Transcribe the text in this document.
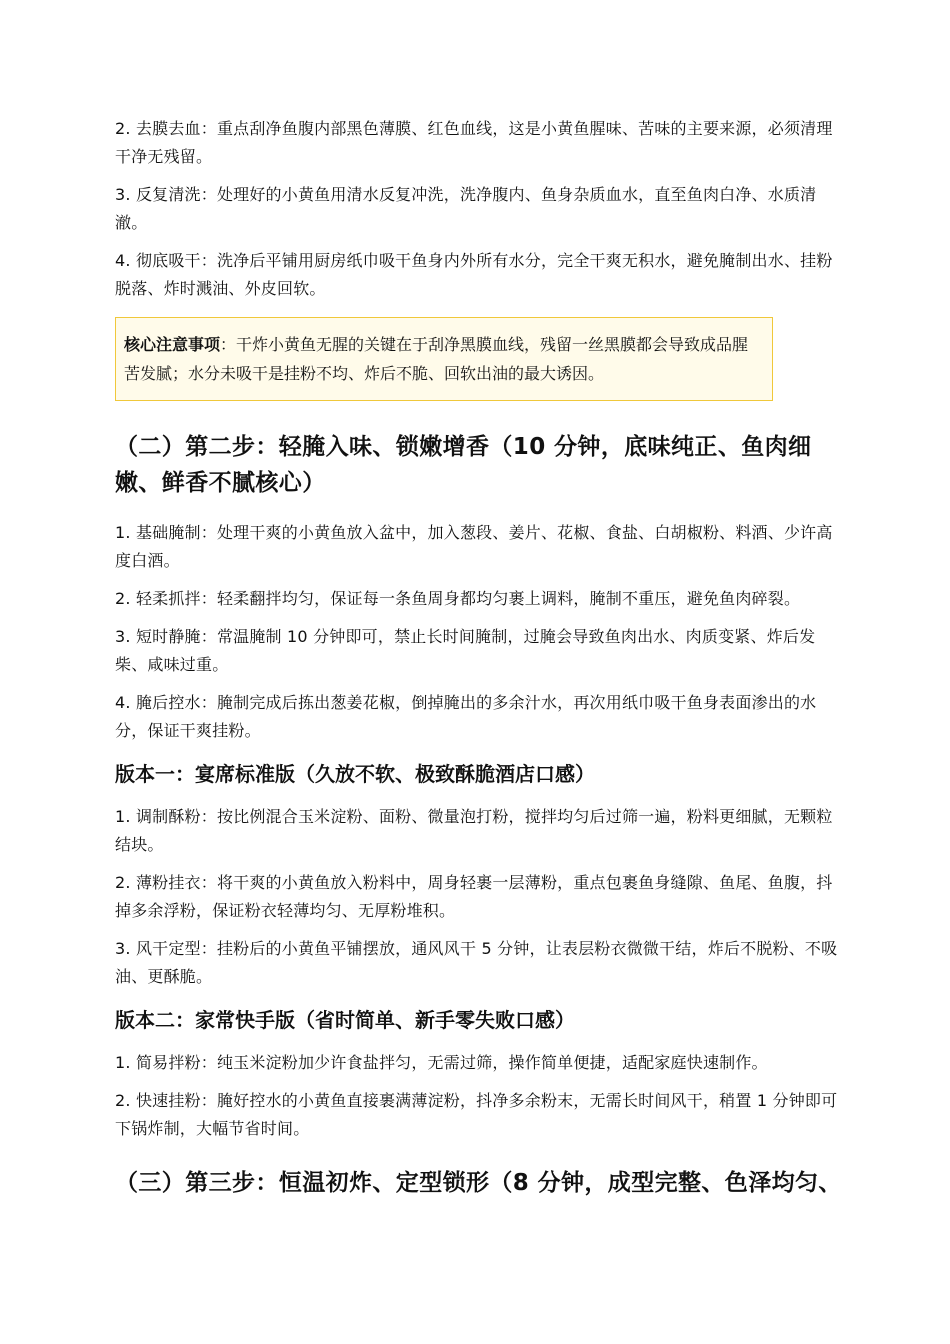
2. 去膜去血：重点刮净鱼腹内部黑色薄膜、红色血线，这是小黄鱼腥味、苦味的主要来源，必须清理干净无残留。

3. 反复清洗：处理好的小黄鱼用清水反复冲洗，洗净腹内、鱼身杂质血水，直至鱼肉白净、水质清澈。

4. 彻底吸干：洗净后平铺用厨房纸巾吸干鱼身内外所有水分，完全干爽无积水，避免腌制出水、挂粉脱落、炸时溅油、外皮回软。

核心注意事项：干炸小黄鱼无腥的关键在于刮净黑膜血线，残留一丝黑膜都会导致成品腥苦发腻；水分未吸干是挂粉不均、炸后不脆、回软出油的最大诱因。
（二）第二步：轻腌入味、锁嫩增香（10 分钟，底味纯正、鱼肉细嫩、鲜香不腻核心）

1. 基础腌制：处理干爽的小黄鱼放入盆中，加入葱段、姜片、花椒、食盐、白胡椒粉、料酒、少许高度白酒。

2. 轻柔抓拌：轻柔翻拌均匀，保证每一条鱼周身都均匀裹上调料，腌制不重压，避免鱼肉碎裂。

3. 短时静腌：常温腌制 10 分钟即可，禁止长时间腌制，过腌会导致鱼肉出水、肉质变紧、炸后发柴、咸味过重。

4. 腌后控水：腌制完成后拣出葱姜花椒，倒掉腌出的多余汁水，再次用纸巾吸干鱼身表面渗出的水分，保证干爽挂粉。

版本一：宴席标准版（久放不软、极致酥脆酒店口感）

1. 调制酥粉：按比例混合玉米淀粉、面粉、微量泡打粉，搅拌均匀后过筛一遍，粉料更细腻，无颗粒结块。

2. 薄粉挂衣：将干爽的小黄鱼放入粉料中，周身轻裹一层薄粉，重点包裹鱼身缝隙、鱼尾、鱼腹，抖掉多余浮粉，保证粉衣轻薄均匀、无厚粉堆积。

3. 风干定型：挂粉后的小黄鱼平铺摆放，通风风干 5 分钟，让表层粉衣微微干结，炸后不脱粉、不吸油、更酥脆。

版本二：家常快手版（省时简单、新手零失败口感）

1. 简易拌粉：纯玉米淀粉加少许食盐拌匀，无需过筛，操作简单便捷，适配家庭快速制作。

2. 快速挂粉：腌好控水的小黄鱼直接裹满薄淀粉，抖净多余粉末，无需长时间风干，稍置 1 分钟即可下锅炸制，大幅节省时间。

（三）第三步：恒温初炸、定型锁形（8 分钟，成型完整、色泽均匀、
